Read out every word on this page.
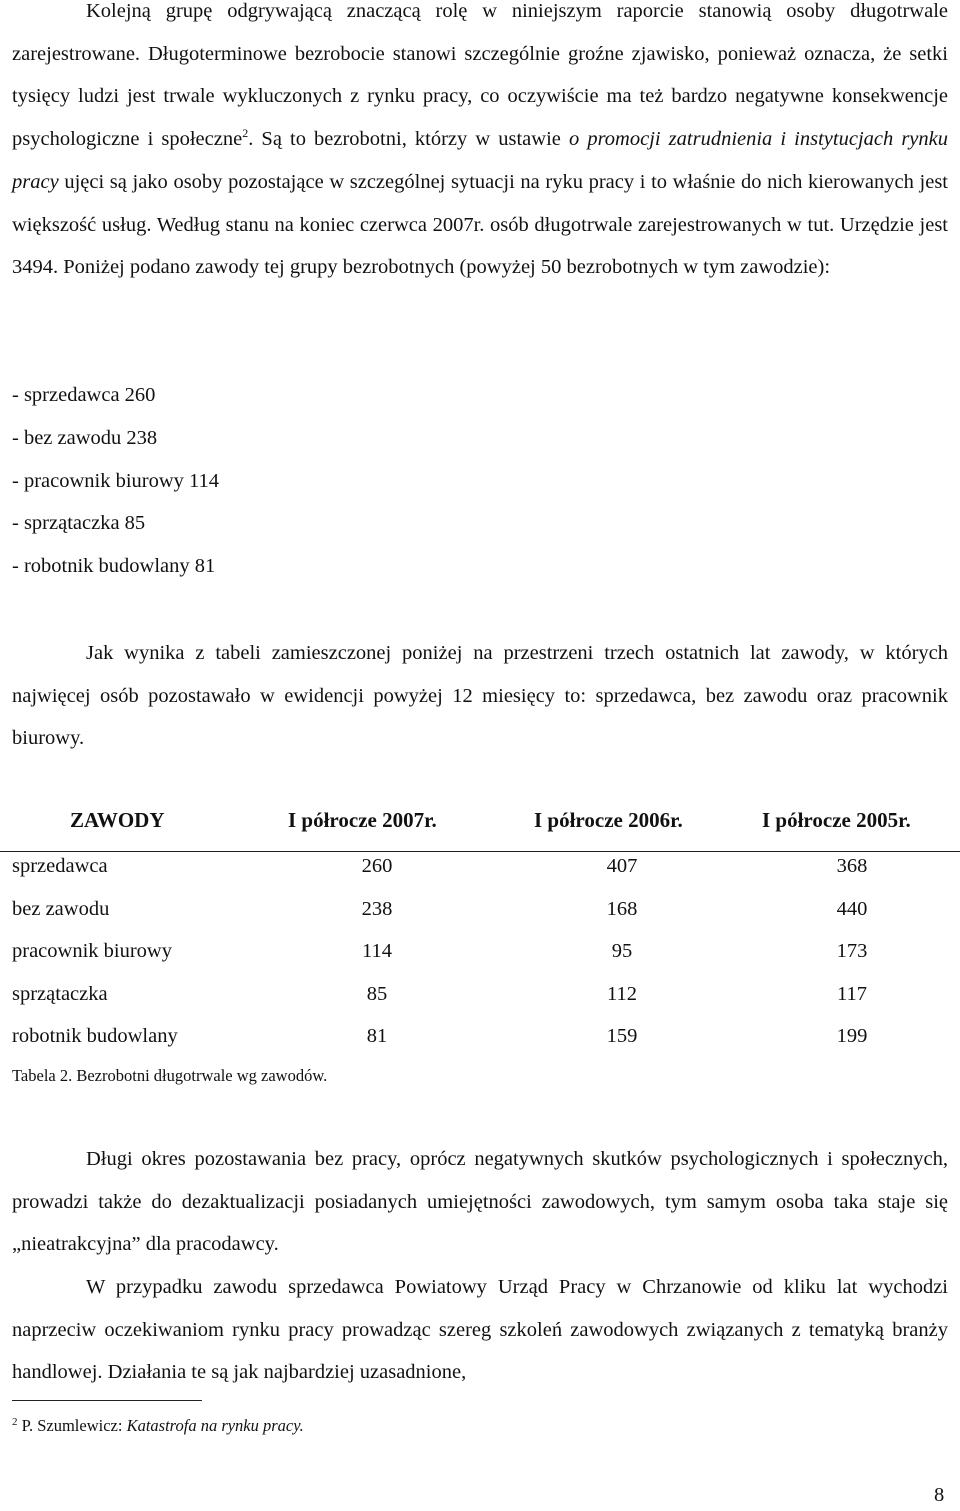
Kolejną grupę odgrywającą znaczącą rolę w niniejszym raporcie stanowią osoby długotrwale zarejestrowane. Długoterminowe bezrobocie stanowi szczególnie groźne zjawisko, ponieważ oznacza, że setki tysięcy ludzi jest trwale wykluczonych z rynku pracy, co oczywiście ma też bardzo negatywne konsekwencje psychologiczne i społeczne$^2$. Są to bezrobotni, którzy w ustawie o promocji zatrudnienia i instytucjach rynku pracy ujęci są jako osoby pozostające w szczególnej sytuacji na ryku pracy i to właśnie do nich kierowanych jest większość usług. Według stanu na koniec czerwca 2007r. osób długotrwale zarejestrowanych w tut. Urzędzie jest 3494. Poniżej podano zawody tej grupy bezrobotnych (powyżej 50 bezrobotnych w tym zawodzie):

- sprzedawca 260

- bez zawodu 238

- pracownik biurowy 114

- sprzątaczka 85

- robotnik budowlany 81

Jak wynika z tabeli zamieszczonej poniżej na przestrzeni trzech ostatnich lat zawody, w których najwięcej osób pozostawało w ewidencji powyżej 12 miesięcy to: sprzedawca, bez zawodu oraz pracownik biurowy.

ZAWODY	I półrocze 2007r.	I półrocze 2006r.	I półrocze 2005r.
sprzedawca	260	407	368
bez zawodu	238	168	440
pracownik biurowy	114	95	173
sprzątaczka	85	112	117
robotnik budowlany	81	159	199
Tabela 2. Bezrobotni długotrwale wg zawodów.

Długi okres pozostawania bez pracy, oprócz negatywnych skutków psychologicznych i społecznych, prowadzi także do dezaktualizacji posiadanych umiejętności zawodowych, tym samym osoba taka staje się „nieatrakcyjna” dla pracodawcy.

W przypadku zawodu sprzedawca Powiatowy Urząd Pracy w Chrzanowie od kliku lat wychodzi naprzeciw oczekiwaniom rynku pracy prowadząc szereg szkoleń zawodowych związanych z tematyką branży handlowej. Działania te są jak najbardziej uzasadnione,

$^2$ P. Szumlewicz: Katastrofa na rynku pracy.
8
